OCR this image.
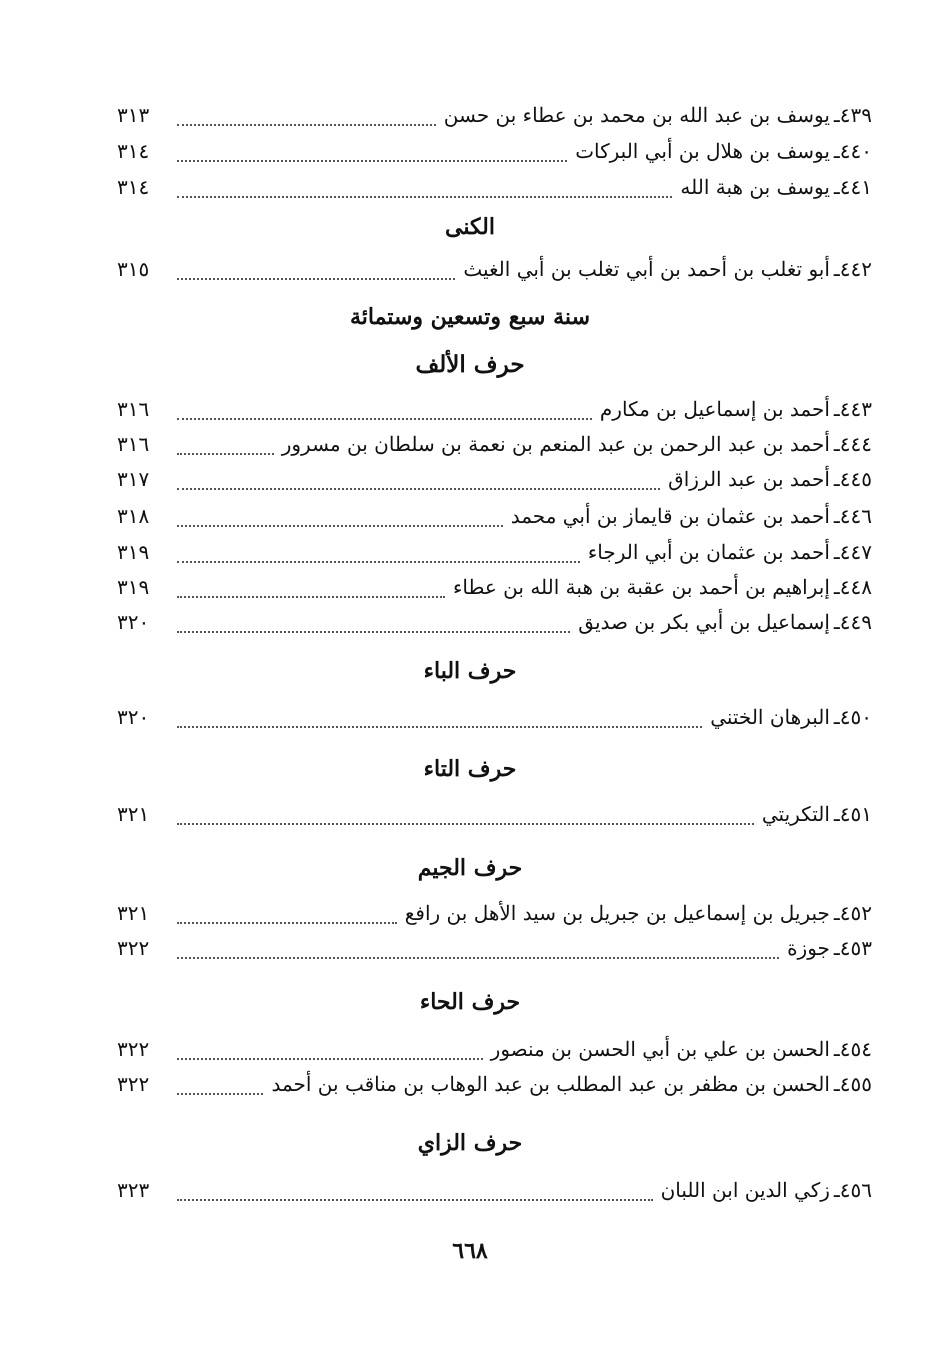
٤٣٩
ـ
يوسف بن عبد الله بن محمد بن عطاء بن حسن
٣١٣
٤٤٠
ـ
يوسف بن هلال بن أبي البركات
٣١٤
٤٤١
ـ
يوسف بن هبة الله
٣١٤
الكنى
٤٤٢
ـ
أبو تغلب بن أحمد بن أبي تغلب بن أبي الغيث
٣١٥
سنة سبع وتسعين وستمائة
حرف الألف
٤٤٣
ـ
أحمد بن إسماعيل بن مكارم
٣١٦
٤٤٤
ـ
أحمد بن عبد الرحمن بن عبد المنعم بن نعمة بن سلطان بن مسرور
٣١٦
٤٤٥
ـ
أحمد بن عبد الرزاق
٣١٧
٤٤٦
ـ
أحمد بن عثمان بن قايماز بن أبي محمد
٣١٨
٤٤٧
ـ
أحمد بن عثمان بن أبي الرجاء
٣١٩
٤٤٨
ـ
إبراهيم بن أحمد بن عقبة بن هبة الله بن عطاء
٣١٩
٤٤٩
ـ
إسماعيل بن أبي بكر بن صديق
٣٢٠
حرف الباء
٤٥٠
ـ
البرهان الختني
٣٢٠
حرف التاء
٤٥١
ـ
التكريتي
٣٢١
حرف الجيم
٤٥٢
ـ
جبريل بن إسماعيل بن جبريل بن سيد الأهل بن رافع
٣٢١
٤٥٣
ـ
جوزة
٣٢٢
حرف الحاء
٤٥٤
ـ
الحسن بن علي بن أبي الحسن بن منصور
٣٢٢
٤٥٥
ـ
الحسن بن مظفر بن عبد المطلب بن عبد الوهاب بن مناقب بن أحمد
٣٢٢
حرف الزاي
٤٥٦
ـ
زكي الدين ابن اللبان
٣٢٣
٦٦٨
